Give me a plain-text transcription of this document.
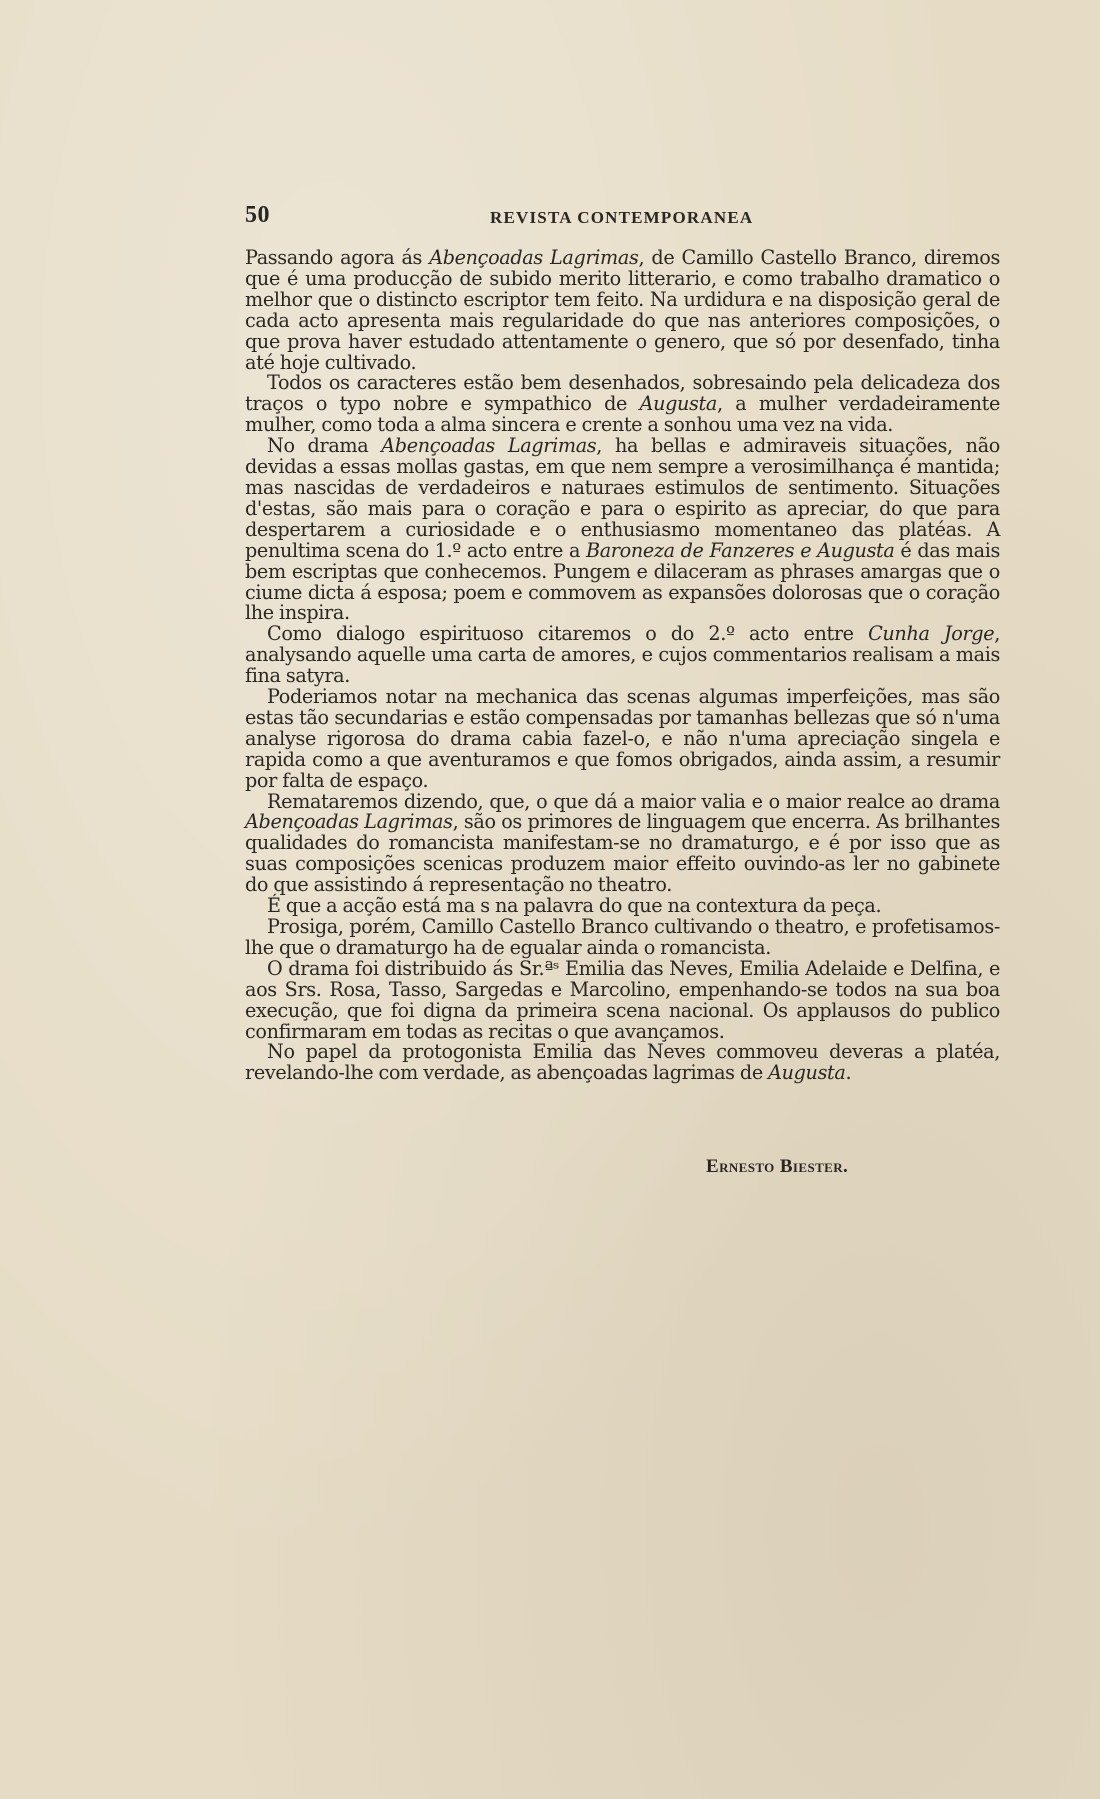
50	REVISTA CONTEMPORANEA

Passando agora ás Abençoadas Lagrimas, de Camillo Castello Branco, diremos que é uma producção de subido merito litterario, e como trabalho dramatico o melhor que o distincto escriptor tem feito. Na urdidura e na disposição geral de cada acto apresenta mais regularidade do que nas anteriores composições, o que prova haver estudado attentamente o genero, que só por desenfado, tinha até hoje cultivado.

Todos os caracteres estão bem desenhados, sobresaindo pela delicadeza dos traços o typo nobre e sympathico de Augusta, a mulher verdadeiramente mulher, como toda a alma sincera e crente a sonhou uma vez na vida.

No drama Abençoadas Lagrimas, ha bellas e admiraveis situações, não devidas a essas mollas gastas, em que nem sempre a verosimilhança é mantida; mas nascidas de verdadeiros e naturaes estimulos de sentimento. Situações d'estas, são mais para o coração e para o espirito as apreciar, do que para despertarem a curiosidade e o enthusiasmo momentaneo das platéas. A penultima scena do 1.º acto entre a Baroneza de Fanzeres e Augusta é das mais bem escriptas que conhecemos. Pungem e dilaceram as phrases amargas que o ciume dicta á esposa; poem e commovem as expansões dolorosas que o coração lhe inspira.

Como dialogo espirituoso citaremos o do 2.º acto entre Cunha Jorge, analysando aquelle uma carta de amores, e cujos commentarios realisam a mais fina satyra.

Poderiamos notar na mechanica das scenas algumas imperfeições, mas são estas tão secundarias e estão compensadas por tamanhas bellezas que só n'uma analyse rigorosa do drama cabia fazel-o, e não n'uma apreciação singela e rapida como a que aventuramos e que fomos obrigados, ainda assim, a resumir por falta de espaço.

Remataremos dizendo, que, o que dá a maior valia e o maior realce ao drama Abençoadas Lagrimas, são os primores de linguagem que encerra. As brilhantes qualidades do romancista manifestam-se no dramaturgo, e é por isso que as suas composições scenicas produzem maior effeito ouvindo-as ler no gabinete do que assistindo á representação no theatro.

É que a acção está ma s na palavra do que na contextura da peça.

Prosiga, porém, Camillo Castello Branco cultivando o theatro, e profetisamos-lhe que o dramaturgo ha de egualar ainda o romancista.

O drama foi distribuido ás Sr.ªˢ Emilia das Neves, Emilia Adelaide e Delfina, e aos Srs. Rosa, Tasso, Sargedas e Marcolino, empenhando-se todos na sua boa execução, que foi digna da primeira scena nacional. Os applausos do publico confirmaram em todas as recitas o que avançamos.

No papel da protogonista Emilia das Neves commoveu deveras a platéa, revelando-lhe com verdade, as abençoadas lagrimas de Augusta.

Ernesto Biester.
